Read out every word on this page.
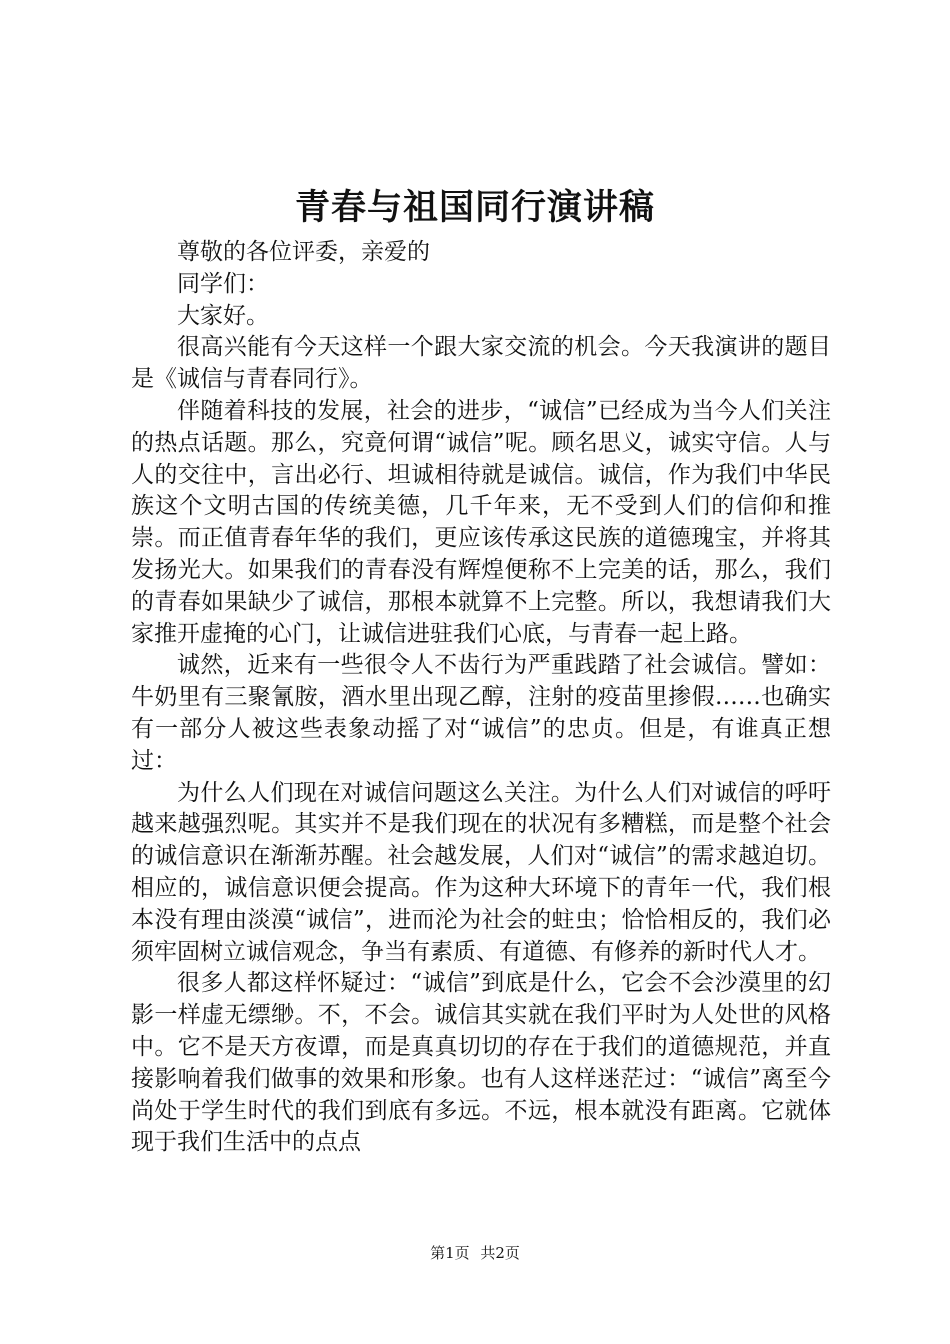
青春与祖国同行演讲稿

尊敬的各位评委，亲爱的

同学们：

大家好。

很高兴能有今天这样一个跟大家交流的机会。今天我演讲的题目是《诚信与青春同行》。

伴随着科技的发展，社会的进步，“诚信”已经成为当今人们关注的热点话题。那么，究竟何谓“诚信”呢。顾名思义，诚实守信。人与人的交往中，言出必行、坦诚相待就是诚信。诚信，作为我们中华民族这个文明古国的传统美德，几千年来，无不受到人们的信仰和推崇。而正值青春年华的我们，更应该传承这民族的道德瑰宝，并将其发扬光大。如果我们的青春没有辉煌便称不上完美的话，那么，我们的青春如果缺少了诚信，那根本就算不上完整。所以，我想请我们大家推开虚掩的心门，让诚信进驻我们心底，与青春一起上路。

诚然，近来有一些很令人不齿行为严重践踏了社会诚信。譬如：牛奶里有三聚氰胺，酒水里出现乙醇，注射的疫苗里掺假……也确实有一部分人被这些表象动摇了对“诚信”的忠贞。但是，有谁真正想过：

为什么人们现在对诚信问题这么关注。为什么人们对诚信的呼吁越来越强烈呢。其实并不是我们现在的状况有多糟糕，而是整个社会的诚信意识在渐渐苏醒。社会越发展，人们对“诚信”的需求越迫切。相应的，诚信意识便会提高。作为这种大环境下的青年一代，我们根本没有理由淡漠“诚信”，进而沦为社会的蛀虫；恰恰相反的，我们必须牢固树立诚信观念，争当有素质、有道德、有修养的新时代人才。

很多人都这样怀疑过：“诚信”到底是什么，它会不会沙漠里的幻影一样虚无缥缈。不，不会。诚信其实就在我们平时为人处世的风格中。它不是天方夜谭，而是真真切切的存在于我们的道德规范，并直接影响着我们做事的效果和形象。也有人这样迷茫过：“诚信”离至今尚处于学生时代的我们到底有多远。不远，根本就没有距离。它就体现于我们生活中的点点

第1页 共2页
